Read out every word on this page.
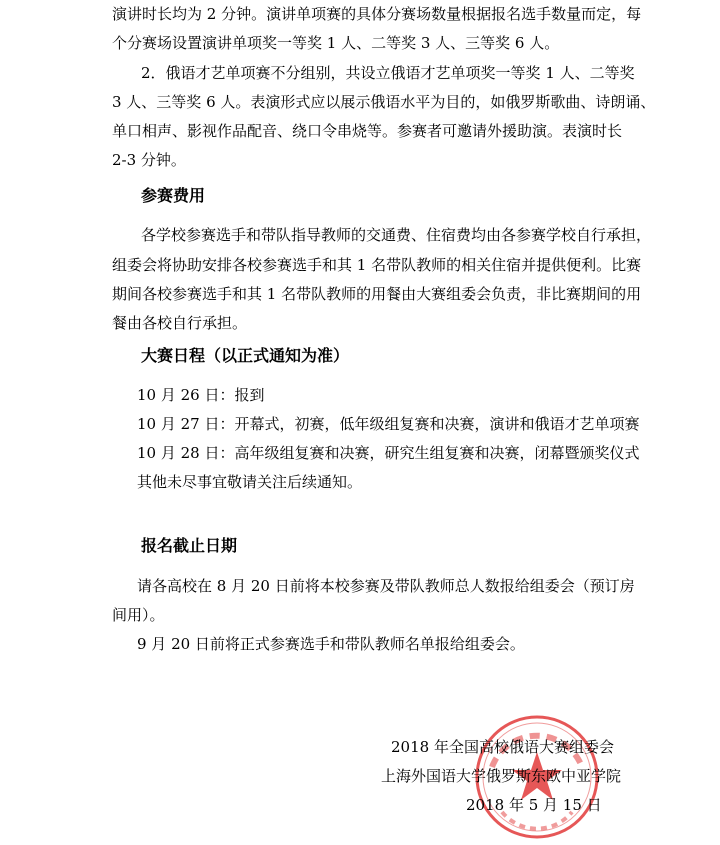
演讲时长均为 2 分钟。演讲单项赛的具体分赛场数量根据报名选手数量而定，每
个分赛场设置演讲单项奖一等奖 1 人、二等奖 3 人、三等奖 6 人。
2．俄语才艺单项赛不分组别，共设立俄语才艺单项奖一等奖 1 人、二等奖
3 人、三等奖 6 人。表演形式应以展示俄语水平为目的，如俄罗斯歌曲、诗朗诵、
单口相声、影视作品配音、绕口令串烧等。参赛者可邀请外援助演。表演时长
2-3 分钟。
参赛费用
各学校参赛选手和带队指导教师的交通费、住宿费均由各参赛学校自行承担，
组委会将协助安排各校参赛选手和其 1 名带队教师的相关住宿并提供便利。比赛
期间各校参赛选手和其 1 名带队教师的用餐由大赛组委会负责，非比赛期间的用
餐由各校自行承担。
大赛日程（以正式通知为准）
10 月 26 日：报到
10 月 27 日：开幕式，初赛，低年级组复赛和决赛，演讲和俄语才艺单项赛
10 月 28 日：高年级组复赛和决赛，研究生组复赛和决赛，闭幕暨颁奖仪式
其他未尽事宜敬请关注后续通知。
报名截止日期
请各高校在 8 月 20 日前将本校参赛及带队教师总人数报给组委会（预订房
间用）。
9 月 20 日前将正式参赛选手和带队教师名单报给组委会。
2018 年全国高校俄语大赛组委会
上海外国语大学俄罗斯东欧中亚学院
2018 年 5 月 15 日
